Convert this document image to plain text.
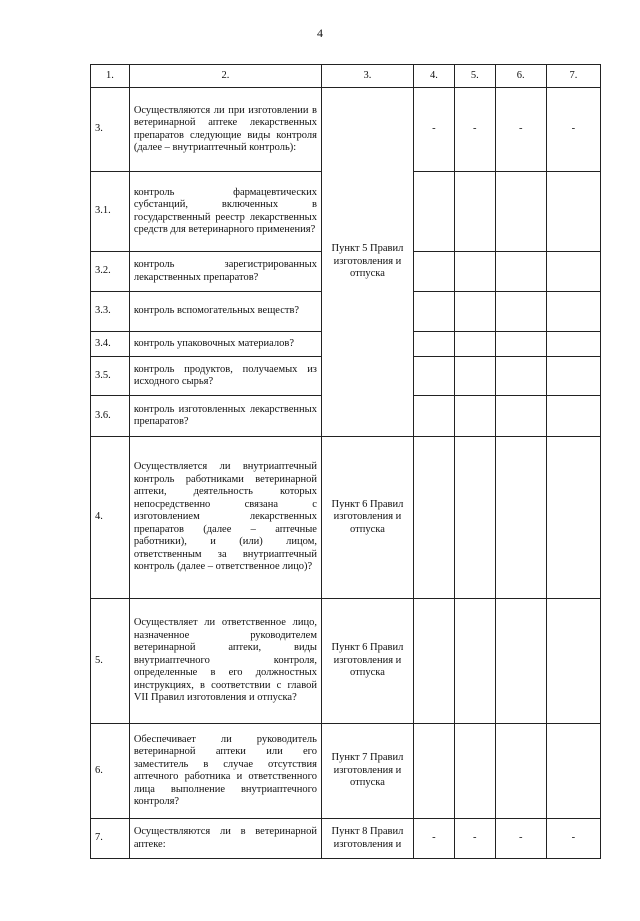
4
1.	2.	3.	4.	5.	6.	7.
3.	Осуществляются ли при изготовлении в ветеринарной аптеке лекарственных препаратов следующие виды контроля (далее – внутриаптечный контроль):	Пункт 5 Правил изготовления и отпуска	-	-	-	-
3.1.	контроль фармацевтических субстанций, включенных в государственный реестр лекарственных средств для ветеринарного применения?					
3.2.	контроль зарегистрированных лекарственных препаратов?					
3.3.	контроль вспомогательных веществ?					
3.4.	контроль упаковочных материалов?					
3.5.	контроль продуктов, получаемых из исходного сырья?					
3.6.	контроль изготовленных лекарственных препаратов?					
4.	Осуществляется ли внутриаптечный контроль работниками ветеринарной аптеки, деятельность которых непосредственно связана с изготовлением лекарственных препаратов (далее – аптечные работники), и (или) лицом, ответственным за внутриаптечный контроль (далее – ответственное лицо)?	Пункт 6 Правил изготовления и отпуска				
5.	Осуществляет ли ответственное лицо, назначенное руководителем ветеринарной аптеки, виды внутриаптечного контроля, определенные в его должностных инструкциях, в соответствии с главой VII Правил изготовления и отпуска?	Пункт 6 Правил изготовления и отпуска				
6.	Обеспечивает ли руководитель ветеринарной аптеки или его заместитель в случае отсутствия аптечного работника и ответственного лица выполнение внутриаптечного контроля?	Пункт 7 Правил изготовления и отпуска				
7.	Осуществляются ли в ветеринарной аптеке:	Пункт 8 Правил изготовления и	-	-	-	-
